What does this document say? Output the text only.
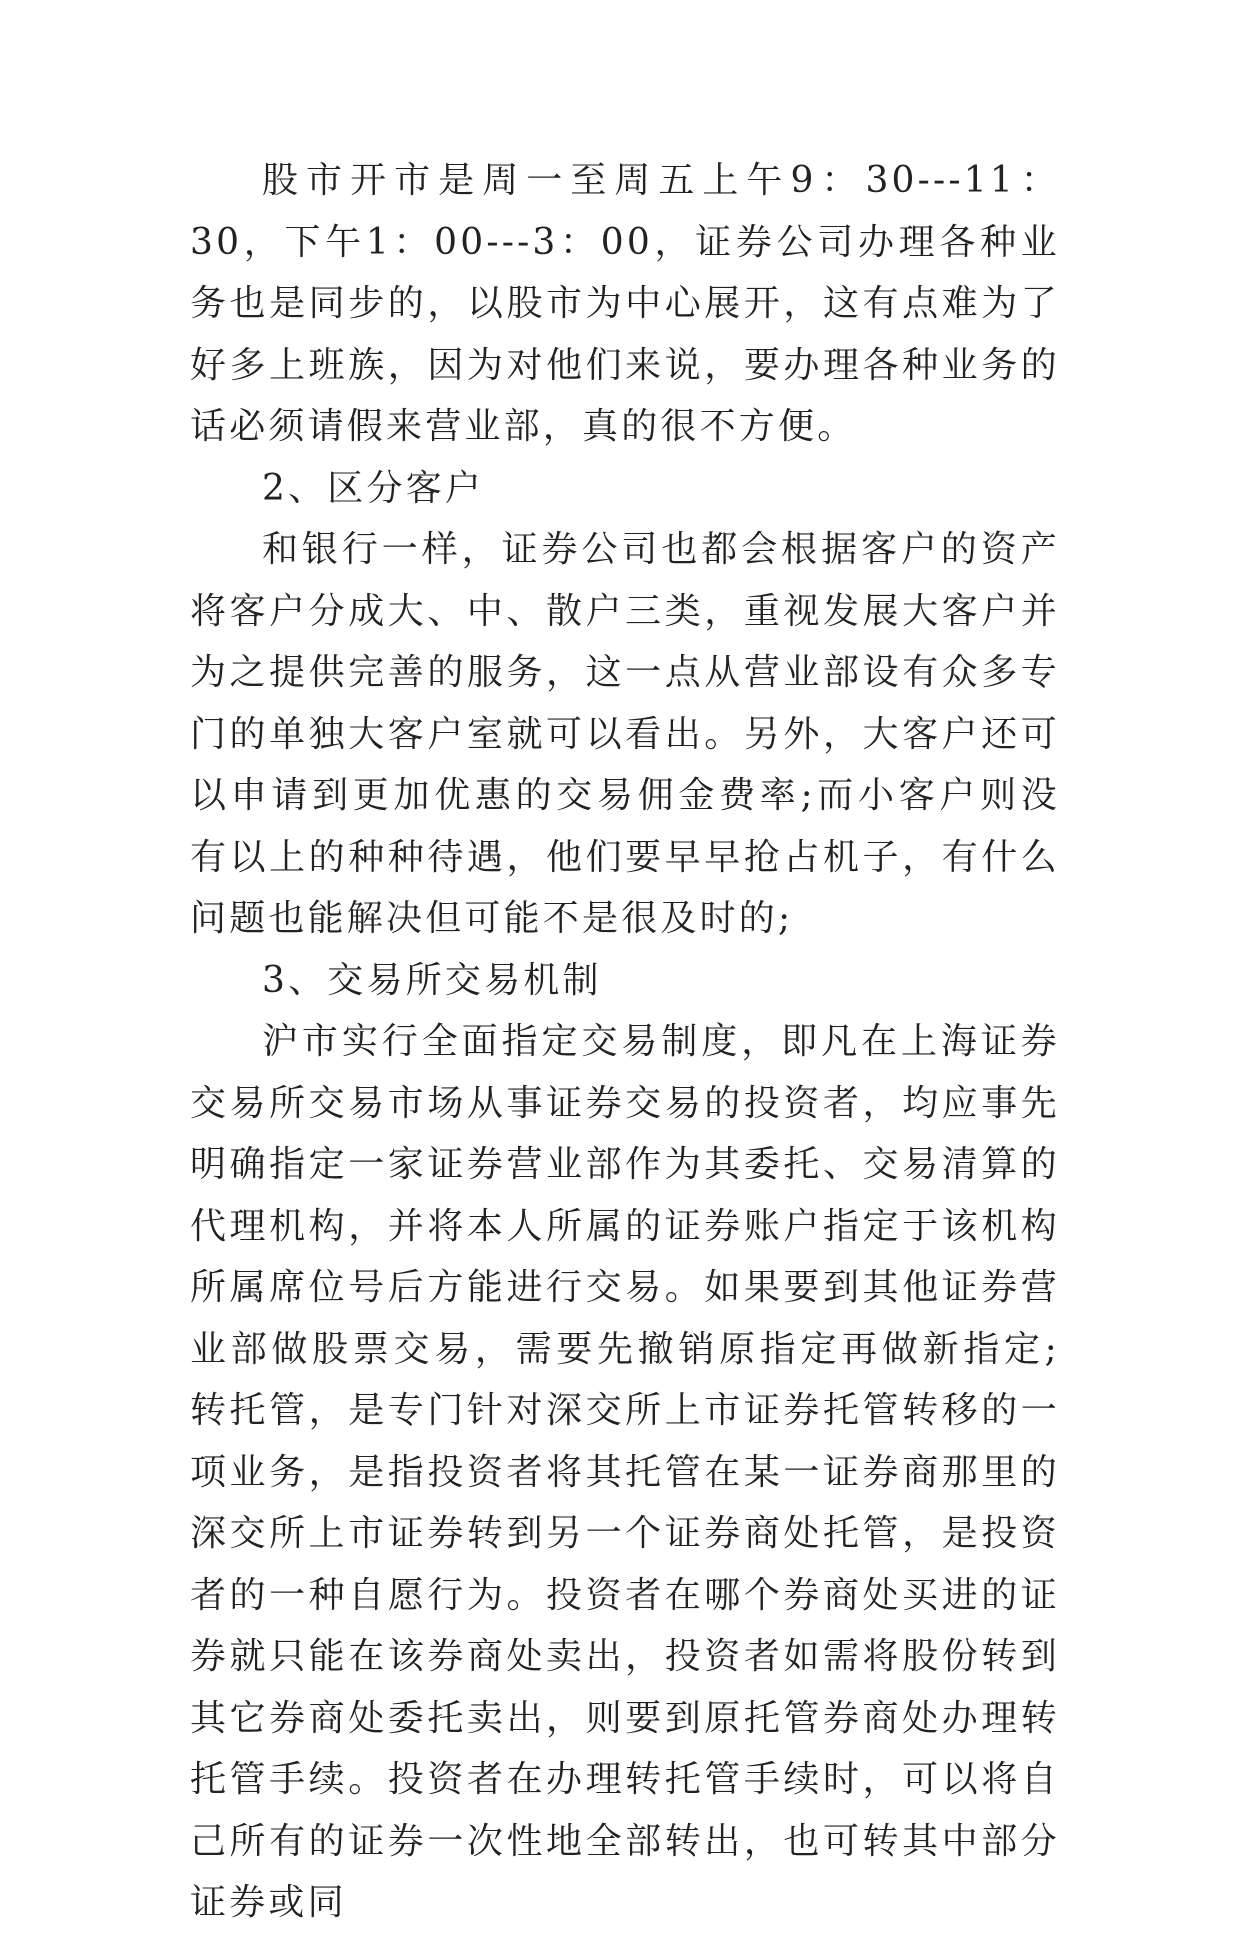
股市开市是周一至周五上午9：30---11：30，下午1：00---3：00，证券公司办理各种业务也是同步的，以股市为中心展开，这有点难为了好多上班族，因为对他们来说，要办理各种业务的话必须请假来营业部，真的很不方便。

2、区分客户

和银行一样，证券公司也都会根据客户的资产将客户分成大、中、散户三类，重视发展大客户并为之提供完善的服务，这一点从营业部设有众多专门的单独大客户室就可以看出。另外，大客户还可以申请到更加优惠的交易佣金费率;而小客户则没有以上的种种待遇，他们要早早抢占机子，有什么问题也能解决但可能不是很及时的;

3、交易所交易机制

沪市实行全面指定交易制度，即凡在上海证券交易所交易市场从事证券交易的投资者，均应事先明确指定一家证券营业部作为其委托、交易清算的代理机构，并将本人所属的证券账户指定于该机构所属席位号后方能进行交易。如果要到其他证券营业部做股票交易，需要先撤销原指定再做新指定;转托管，是专门针对深交所上市证券托管转移的一项业务，是指投资者将其托管在某一证券商那里的深交所上市证券转到另一个证券商处托管，是投资者的一种自愿行为。投资者在哪个券商处买进的证券就只能在该券商处卖出，投资者如需将股份转到其它券商处委托卖出，则要到原托管券商处办理转托管手续。投资者在办理转托管手续时，可以将自己所有的证券一次性地全部转出，也可转其中部分证券或同
